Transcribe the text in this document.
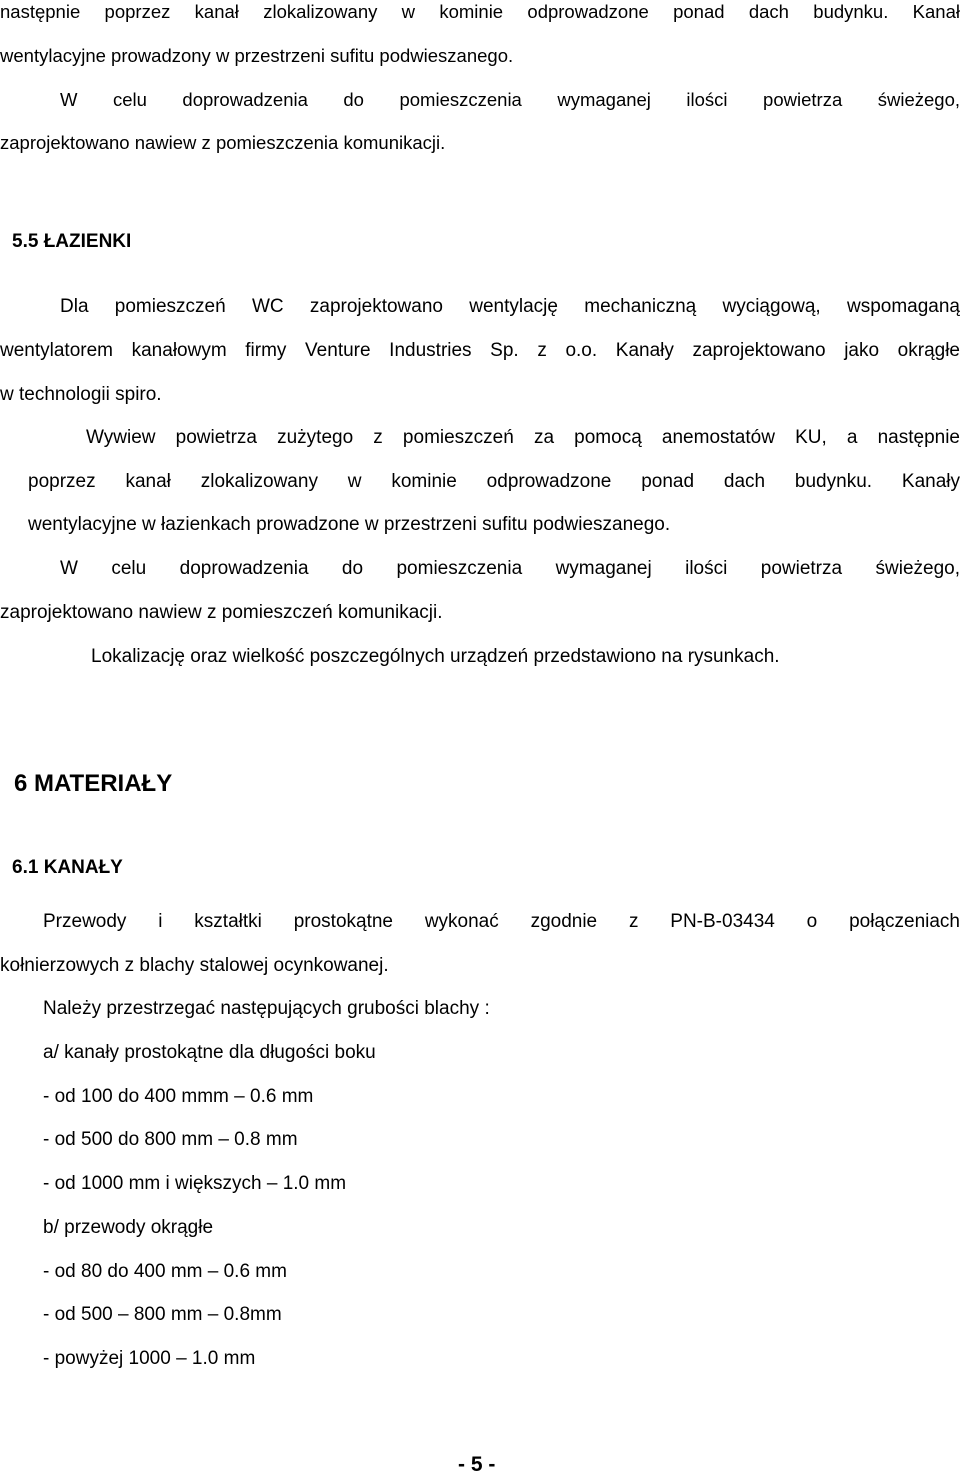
następnie poprzez kanał zlokalizowany w kominie odprowadzone ponad dach budynku. Kanał
wentylacyjne prowadzony w przestrzeni sufitu podwieszanego.
W celu doprowadzenia do pomieszczenia wymaganej ilości powietrza świeżego,
zaprojektowano nawiew z pomieszczenia komunikacji.
5.5 ŁAZIENKI
Dla pomieszczeń WC zaprojektowano wentylację mechaniczną wyciągową, wspomaganą
wentylatorem kanałowym firmy Venture Industries Sp. z o.o. Kanały zaprojektowano jako okrągłe
w technologii spiro.
Wywiew powietrza zużytego z pomieszczeń za pomocą anemostatów KU, a następnie
poprzez kanał zlokalizowany w kominie odprowadzone ponad dach budynku. Kanały
wentylacyjne w łazienkach prowadzone w przestrzeni sufitu podwieszanego.
W celu doprowadzenia do pomieszczenia wymaganej ilości powietrza świeżego,
zaprojektowano nawiew z pomieszczeń komunikacji.
Lokalizację oraz wielkość poszczególnych urządzeń przedstawiono na rysunkach.
6 MATERIAŁY
6.1 KANAŁY
Przewody i kształtki prostokątne wykonać zgodnie z PN-B-03434 o połączeniach
kołnierzowych z blachy stalowej ocynkowanej.
Należy przestrzegać następujących grubości blachy :
a/ kanały prostokątne dla długości boku
- od 100 do 400 mmm – 0.6 mm
- od 500 do 800 mm – 0.8 mm
- od 1000 mm i większych – 1.0 mm
b/ przewody okrągłe
- od 80 do 400 mm – 0.6 mm
- od 500 – 800 mm – 0.8mm
- powyżej 1000 – 1.0 mm
- 5 -
